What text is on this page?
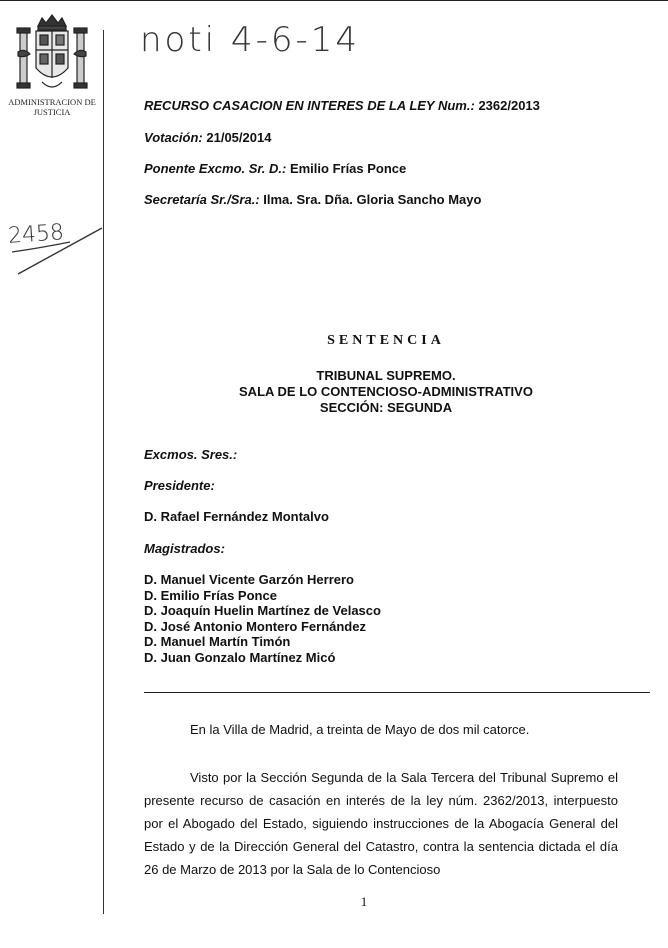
ADMINISTRACION DE JUSTICIA
noti 4-6-14
2458
RECURSO CASACION EN INTERES DE LA LEY Num.: 2362/2013
Votación: 21/05/2014
Ponente Excmo. Sr. D.: Emilio Frías Ponce
Secretaría Sr./Sra.: Ilma. Sra. Dña. Gloria Sancho Mayo
SENTENCIA
TRIBUNAL SUPREMO.
SALA DE LO CONTENCIOSO-ADMINISTRATIVO
SECCIÓN: SEGUNDA
Excmos. Sres.:
Presidente:
D. Rafael Fernández Montalvo
Magistrados:
D. Manuel Vicente Garzón Herrero
D. Emilio Frías Ponce
D. Joaquín Huelin Martínez de Velasco
D. José Antonio Montero Fernández
D. Manuel Martín Timón
D. Juan Gonzalo Martínez Micó
En la Villa de Madrid, a treinta de Mayo de dos mil catorce.
Visto por la Sección Segunda de la Sala Tercera del Tribunal Supremo el presente recurso de casación en interés de la ley núm. 2362/2013, interpuesto por el Abogado del Estado, siguiendo instrucciones de la Abogacía General del Estado y de la Dirección General del Catastro, contra la sentencia dictada el día 26 de Marzo de 2013 por la Sala de lo Contencioso
1
